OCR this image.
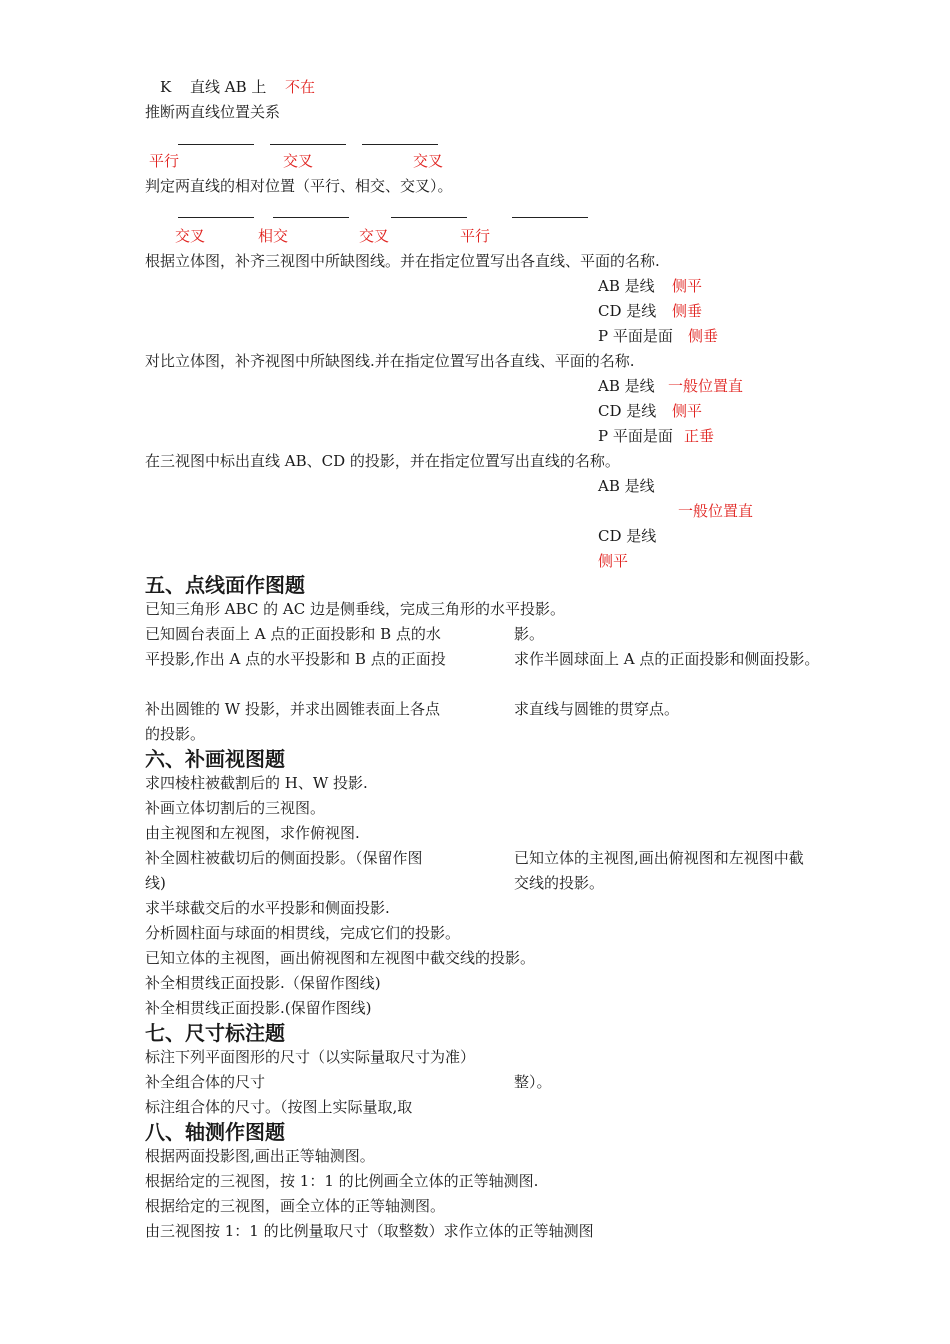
K 直线 AB 上 不在
推断两直线位置关系
平行	交叉	交叉
判定两直线的相对位置（平行、相交、交叉）。
交叉	相交	交叉	平行
根据立体图，补齐三视图中所缺图线。并在指定位置写出各直线、平面的名称.
AB 是线 侧平
CD 是线 侧垂
P 平面是面 侧垂
对比立体图，补齐视图中所缺图线.并在指定位置写出各直线、平面的名称.
AB 是线 一般位置直
CD 是线 侧平
P 平面是面 正垂
在三视图中标出直线 AB、CD 的投影，并在指定位置写出直线的名称。
AB 是线
一般位置直
CD 是线
侧平
五、点线面作图题
已知三角形 ABC 的 AC 边是侧垂线，完成三角形的水平投影。
已知圆台表面上 A 点的正面投影和 B 点的水	影。
平投影,作出 A 点的水平投影和 B 点的正面投	求作半圆球面上 A 点的正面投影和侧面投影。
补出圆锥的 W 投影，并求出圆锥表面上各点	求直线与圆锥的贯穿点。
的投影。
六、补画视图题
求四棱柱被截割后的 H、W 投影.
补画立体切割后的三视图。
由主视图和左视图，求作俯视图.
补全圆柱被截切后的侧面投影。（保留作图	已知立体的主视图,画出俯视图和左视图中截
线)	交线的投影。
求半球截交后的水平投影和侧面投影.
分析圆柱面与球面的相贯线，完成它们的投影。
已知立体的主视图，画出俯视图和左视图中截交线的投影。
补全相贯线正面投影.（保留作图线)
补全相贯线正面投影.(保留作图线)
七、尺寸标注题
标注下列平面图形的尺寸（以实际量取尺寸为准）
补全组合体的尺寸	整）。
标注组合体的尺寸。（按图上实际量取,取
八、轴测作图题
根据两面投影图,画出正等轴测图。
根据给定的三视图，按 1：1 的比例画全立体的正等轴测图.
根据给定的三视图，画全立体的正等轴测图。
由三视图按 1：1 的比例量取尺寸（取整数）求作立体的正等轴测图
